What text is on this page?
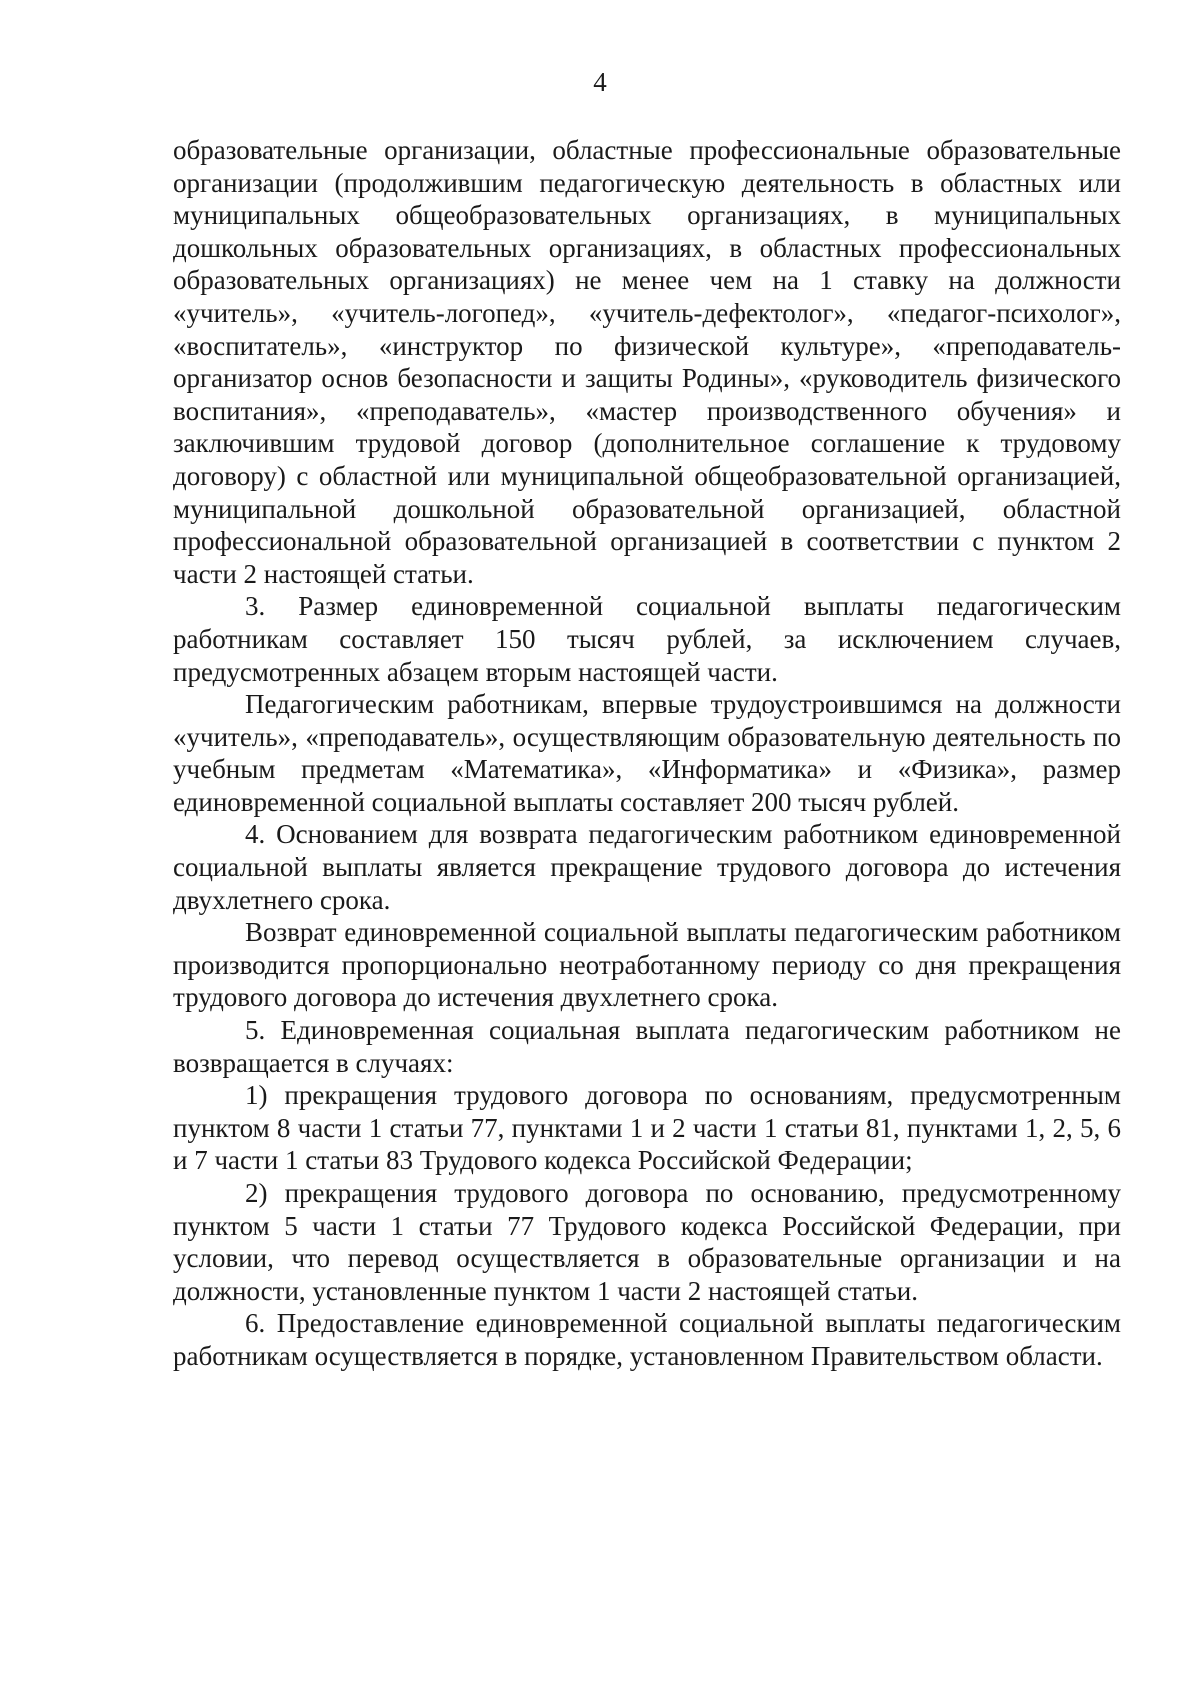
4

образовательные организации, областные профессиональные образовательные организации (продолжившим педагогическую деятельность в областных или муниципальных общеобразовательных организациях, в муниципальных дошкольных образовательных организациях, в областных профессиональных образовательных организациях) не менее чем на 1 ставку на должности «учитель», «учитель-логопед», «учитель-дефектолог», «педагог-психолог», «воспитатель», «инструктор по физической культуре», «преподаватель-организатор основ безопасности и защиты Родины», «руководитель физического воспитания», «преподаватель», «мастер производственного обучения» и заключившим трудовой договор (дополнительное соглашение к трудовому договору) с областной или муниципальной общеобразовательной организацией, муниципальной дошкольной образовательной организацией, областной профессиональной образовательной организацией в соответствии с пунктом 2 части 2 настоящей статьи.

3. Размер единовременной социальной выплаты педагогическим работникам составляет 150 тысяч рублей, за исключением случаев, предусмотренных абзацем вторым настоящей части.

Педагогическим работникам, впервые трудоустроившимся на должности «учитель», «преподаватель», осуществляющим образовательную деятельность по учебным предметам «Математика», «Информатика» и «Физика», размер единовременной социальной выплаты составляет 200 тысяч рублей.

4. Основанием для возврата педагогическим работником единовременной социальной выплаты является прекращение трудового договора до истечения двухлетнего срока.

Возврат единовременной социальной выплаты педагогическим работником производится пропорционально неотработанному периоду со дня прекращения трудового договора до истечения двухлетнего срока.

5. Единовременная социальная выплата педагогическим работником не возвращается в случаях:

1) прекращения трудового договора по основаниям, предусмотренным пунктом 8 части 1 статьи 77, пунктами 1 и 2 части 1 статьи 81, пунктами 1, 2, 5, 6 и 7 части 1 статьи 83 Трудового кодекса Российской Федерации;

2) прекращения трудового договора по основанию, предусмотренному пунктом 5 части 1 статьи 77 Трудового кодекса Российской Федерации, при условии, что перевод осуществляется в образовательные организации и на должности, установленные пунктом 1 части 2 настоящей статьи.

6. Предоставление единовременной социальной выплаты педагогическим работникам осуществляется в порядке, установленном Правительством области.
